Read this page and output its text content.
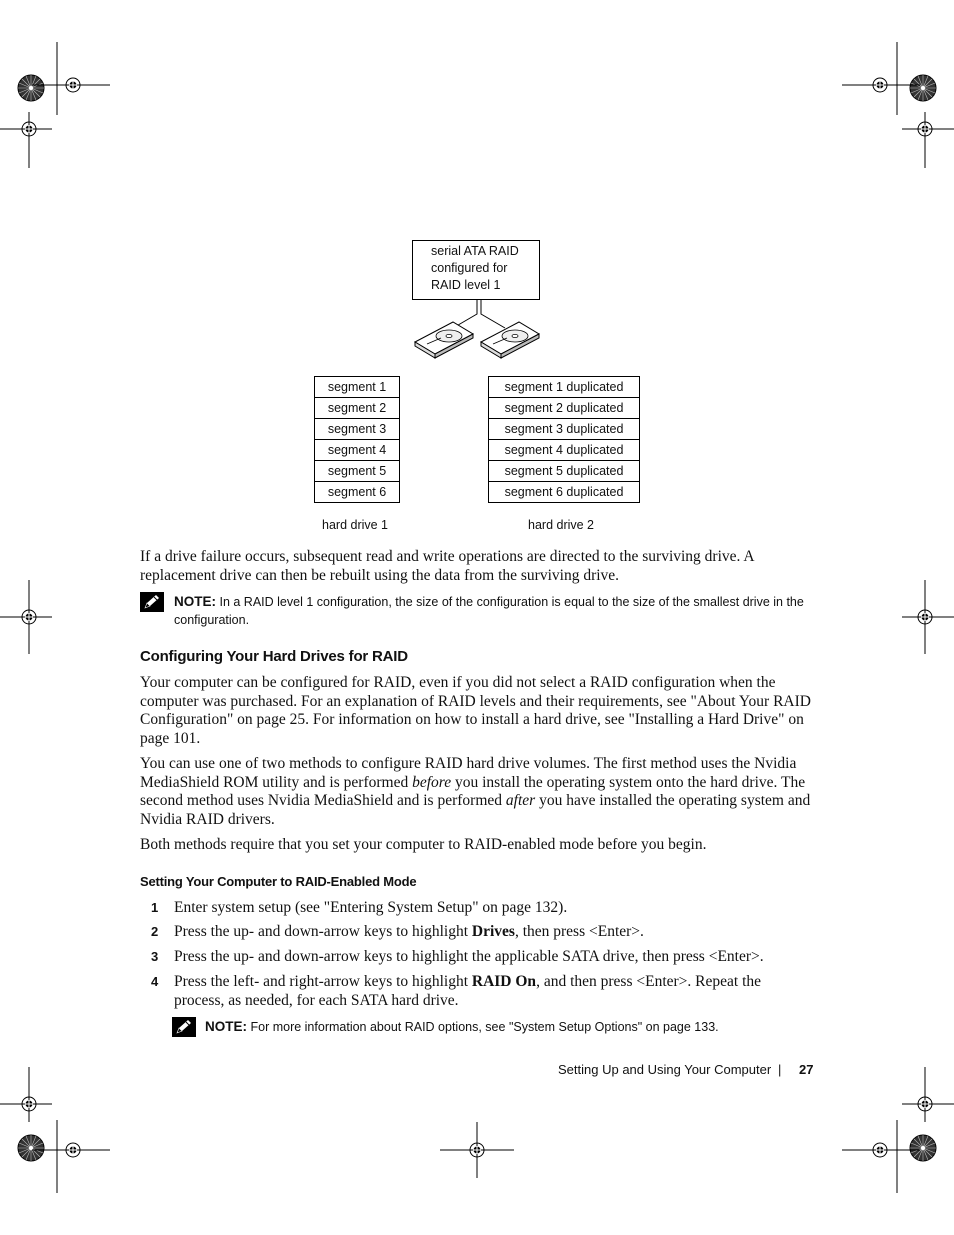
serial ATA RAID
configured for
RAID level 1
segment 1
segment 2
segment 3
segment 4
segment 5
segment 6
segment 1 duplicated
segment 2 duplicated
segment 3 duplicated
segment 4 duplicated
segment 5 duplicated
segment 6 duplicated
hard drive 1	hard drive 2

If a drive failure occurs, subsequent read and write operations are directed to the surviving drive. A replacement drive can then be rebuilt using the data from the surviving drive.

NOTE: In a RAID level 1 configuration, the size of the configuration is equal to the size of the smallest drive in the configuration.
Configuring Your Hard Drives for RAID

Your computer can be configured for RAID, even if you did not select a RAID configuration when the computer was purchased. For an explanation of RAID levels and their requirements, see "About Your RAID Configuration" on page 25. For information on how to install a hard drive, see "Installing a Hard Drive" on page 101.

You can use one of two methods to configure RAID hard drive volumes. The first method uses the Nvidia MediaShield ROM utility and is performed before you install the operating system onto the hard drive. The second method uses Nvidia MediaShield and is performed after you have installed the operating system and Nvidia RAID drivers.

Both methods require that you set your computer to RAID-enabled mode before you begin.

Setting Your Computer to RAID-Enabled Mode
1 Enter system setup (see "Entering System Setup" on page 132).
2 Press the up- and down-arrow keys to highlight Drives, then press <Enter>.
3 Press the up- and down-arrow keys to highlight the applicable SATA drive, then press <Enter>.
4 Press the left- and right-arrow keys to highlight RAID On, and then press <Enter>. Repeat the process, as needed, for each SATA hard drive.
NOTE: For more information about RAID options, see "System Setup Options" on page 133.
Setting Up and Using Your Computer | 27
